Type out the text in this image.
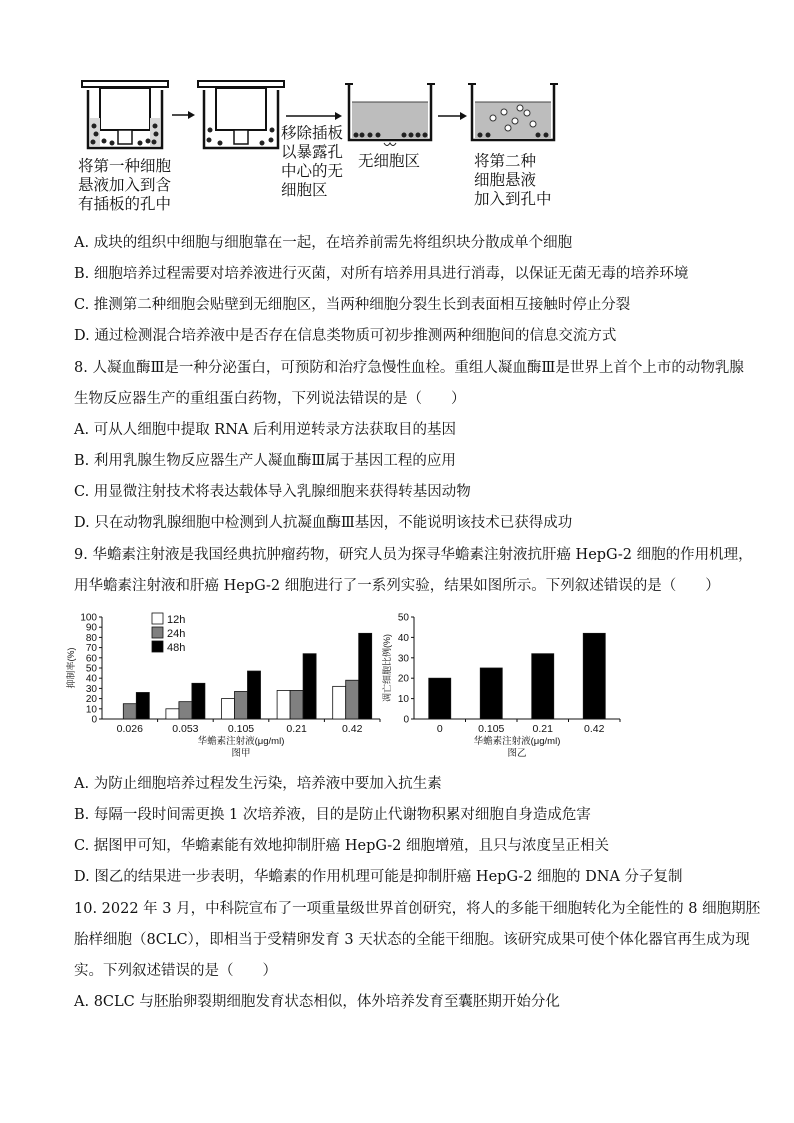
将第一种细胞
悬液加入到含
有插板的孔中
移除插板
以暴露孔
中心的无
细胞区
无细胞区	将第二种
细胞悬液
加入到孔中
A. 成块的组织中细胞与细胞靠在一起，在培养前需先将组织块分散成单个细胞
B. 细胞培养过程需要对培养液进行灭菌，对所有培养用具进行消毒，以保证无菌无毒的培养环境
C. 推测第二种细胞会贴壁到无细胞区，当两种细胞分裂生长到表面相互接触时停止分裂
D. 通过检测混合培养液中是否存在信息类物质可初步推测两种细胞间的信息交流方式
8. 人凝血酶Ⅲ是一种分泌蛋白，可预防和治疗急慢性血栓。重组人凝血酶Ⅲ是世界上首个上市的动物乳腺
生物反应器生产的重组蛋白药物，下列说法错误的是（　　）
A. 可从人细胞中提取 RNA 后利用逆转录方法获取目的基因
B. 利用乳腺生物反应器生产人凝血酶Ⅲ属于基因工程的应用
C. 用显微注射技术将表达载体导入乳腺细胞来获得转基因动物
D. 只在动物乳腺细胞中检测到人抗凝血酶Ⅲ基因，不能说明该技术已获得成功
9. 华蟾素注射液是我国经典抗肿瘤药物，研究人员为探寻华蟾素注射液抗肝癌 HepG-2 细胞的作用机理，
用华蟾素注射液和肝癌 HepG-2 细胞进行了一系列实验，结果如图所示。下列叙述错误的是（　　）
0
10
20
30
40
50
60
70
80
90
100
抑制率(%)
0.026	0.053	0.105	0.21	0.42
华蟾素注射液(μg/ml)
图甲
12h
24h
48h
0
10
20
30
40
50
凋亡细胞比例(%)
0	0.105	0.21	0.42
华蟾素注射液(μg/ml)
图乙
A. 为防止细胞培养过程发生污染，培养液中要加入抗生素
B. 每隔一段时间需更换 1 次培养液，目的是防止代谢物积累对细胞自身造成危害
C. 据图甲可知，华蟾素能有效地抑制肝癌 HepG-2 细胞增殖，且只与浓度呈正相关
D. 图乙的结果进一步表明，华蟾素的作用机理可能是抑制肝癌 HepG-2 细胞的 DNA 分子复制
10. 2022 年 3 月，中科院宣布了一项重量级世界首创研究，将人的多能干细胞转化为全能性的 8 细胞期胚
胎样细胞（8CLC），即相当于受精卵发育 3 天状态的全能干细胞。该研究成果可使个体化器官再生成为现
实。下列叙述错误的是（　　）
A. 8CLC 与胚胎卵裂期细胞发育状态相似，体外培养发育至囊胚期开始分化
